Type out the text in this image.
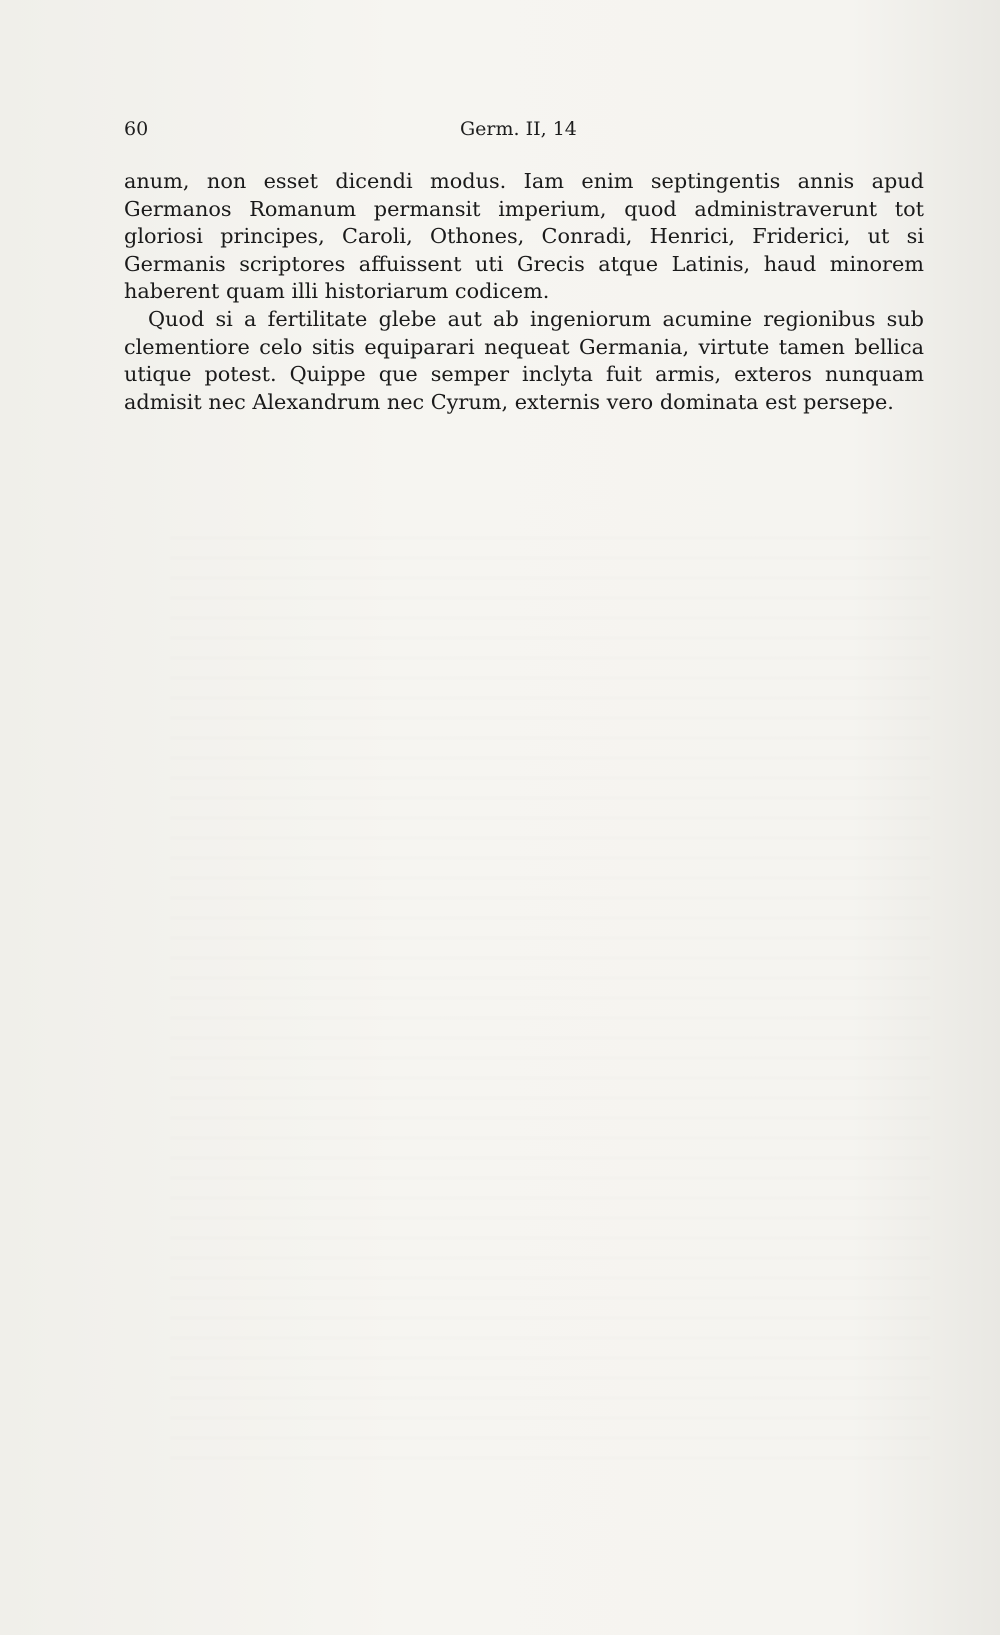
60	Germ. II, 14

anum, non esset dicendi modus. Iam enim septingentis annis apud Germanos Romanum permansit imperium, quod administraverunt tot gloriosi principes, Caroli, Othones, Conradi, Henrici, Friderici, ut si Germanis scriptores affuissent uti Grecis atque Latinis, haud minorem haberent quam illi historiarum codicem.

Quod si a fertilitate glebe aut ab ingeniorum acumine regionibus sub clementiore celo sitis equiparari nequeat Germania, virtute tamen bellica utique potest. Quippe que semper inclyta fuit armis, exteros nunquam admisit nec Alexandrum nec Cyrum, externis vero dominata est persepe.
